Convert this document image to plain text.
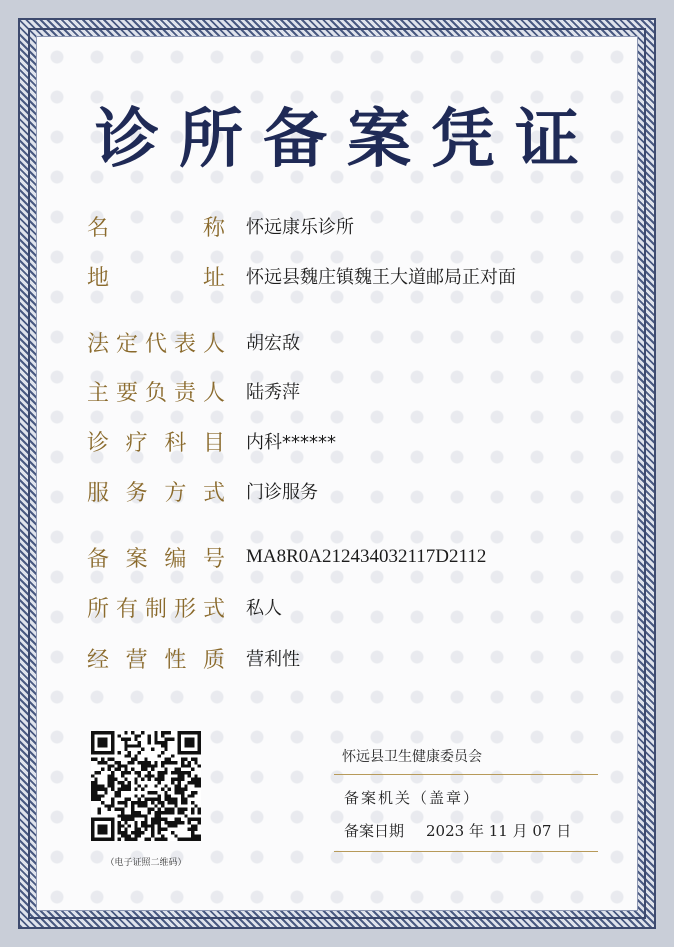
诊所备案凭证
名	称 怀远康乐诊所
地	址 怀远县魏庄镇魏王大道邮局正对面
法 定 代 表 人 胡宏敌
主 要 负 责 人 陆秀萍
诊 疗 科 目 内科******
服 务 方 式 门诊服务
备 案 编 号 MA8R0A212434032117D2112
所 有 制 形 式 私人
经 营 性 质 营利性
（电子证照二维码）
怀远县卫生健康委员会
备案机关（盖章）
备案日期 2023 年 11 月 07 日
